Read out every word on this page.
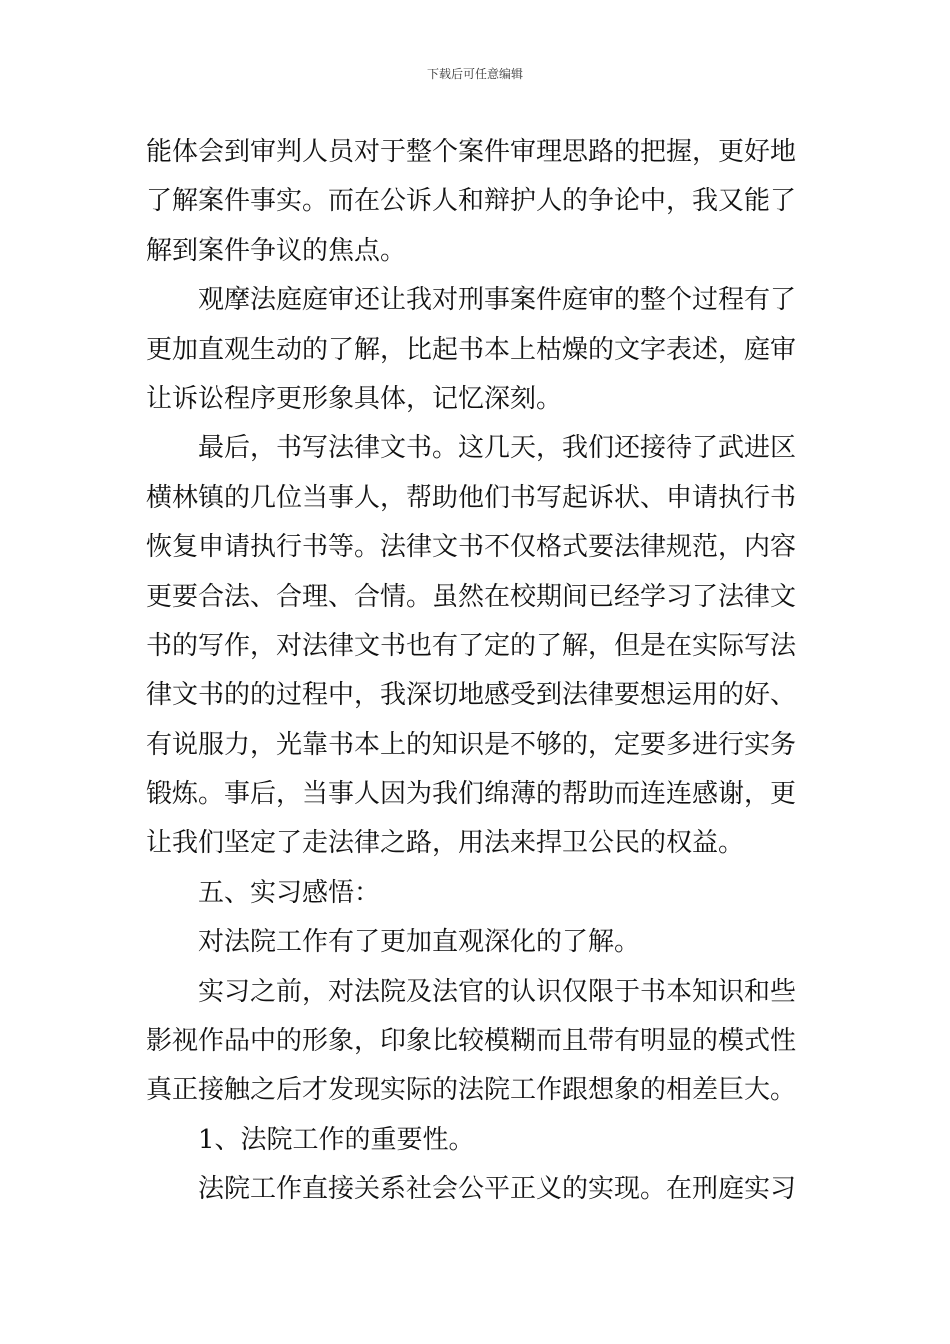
下载后可任意编辑
能体会到审判人员对于整个案件审理思路的把握，更好地
了解案件事实。而在公诉人和辩护人的争论中，我又能了
解到案件争议的焦点。
观摩法庭庭审还让我对刑事案件庭审的整个过程有了
更加直观生动的了解，比起书本上枯燥的文字表述，庭审
让诉讼程序更形象具体，记忆深刻。
最后，书写法律文书。这几天，我们还接待了武进区
横林镇的几位当事人，帮助他们书写起诉状、申请执行书
恢复申请执行书等。法律文书不仅格式要法律规范，内容
更要合法、合理、合情。虽然在校期间已经学习了法律文
书的写作，对法律文书也有了定的了解，但是在实际写法
律文书的的过程中，我深切地感受到法律要想运用的好、
有说服力，光靠书本上的知识是不够的，定要多进行实务
锻炼。事后，当事人因为我们绵薄的帮助而连连感谢，更
让我们坚定了走法律之路，用法来捍卫公民的权益。
五、实习感悟：
对法院工作有了更加直观深化的了解。
实习之前，对法院及法官的认识仅限于书本知识和些
影视作品中的形象，印象比较模糊而且带有明显的模式性
真正接触之后才发现实际的法院工作跟想象的相差巨大。
1、法院工作的重要性。
法院工作直接关系社会公平正义的实现。在刑庭实习
